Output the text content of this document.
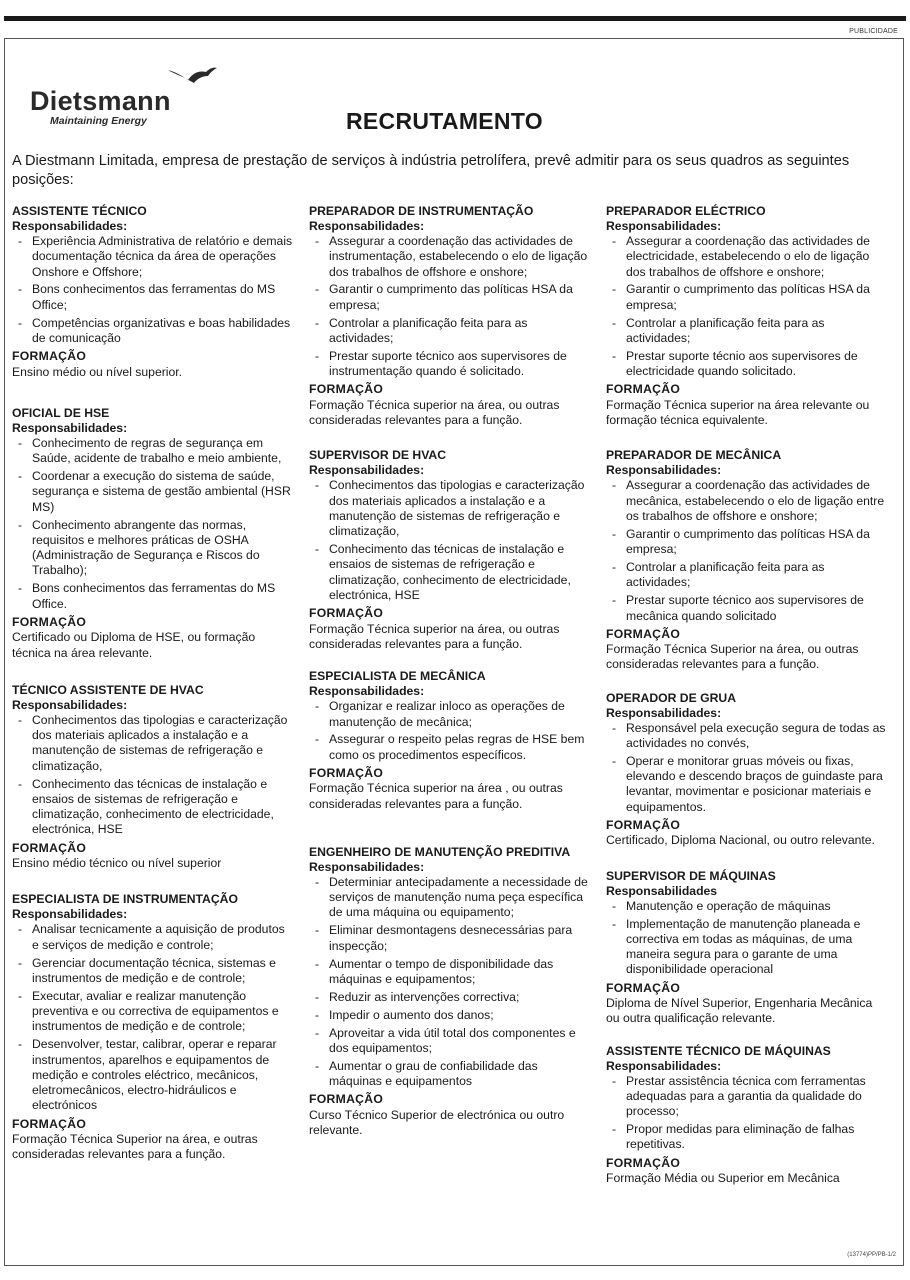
PUBLICIDADE
Dietsmann
Maintaining Energy	RECRUTAMENTO
A Diestmann Limitada, empresa de prestação de serviços à indústria petrolífera, prevê admitir para os seus quadros as seguintes posições:
ASSISTENTE TÉCNICO
Responsabilidades:
- Experiência Administrativa de relatório e demais documentação técnica da área de operações Onshore e Offshore;
- Bons conhecimentos das ferramentas do MS Office;
- Competências organizativas e boas habilidades de comunicação
FORMAÇÃO
Ensino médio ou nível superior.
OFICIAL DE HSE
Responsabilidades:
- Conhecimento de regras de segurança em Saúde, acidente de trabalho e meio ambiente,
- Coordenar a execução do sistema de saúde, segurança e sistema de gestão ambiental (HSR MS)
- Conhecimento abrangente das normas, requisitos e melhores práticas de OSHA (Administração de Segurança e Riscos do Trabalho);
- Bons conhecimentos das ferramentas do MS Office.
FORMAÇÃO
Certificado ou Diploma de HSE, ou formação técnica na área relevante.
TÉCNICO ASSISTENTE DE HVAC
Responsabilidades:
- Conhecimentos das tipologias e caracterização dos materiais aplicados a instalação e a manutenção de sistemas de refrigeração e climatização,
- Conhecimento das técnicas de instalação e ensaios de sistemas de refrigeração e climatização, conhecimento de electricidade, electrónica, HSE
FORMAÇÃO
Ensino médio técnico ou nível superior
ESPECIALISTA DE INSTRUMENTAÇÃO
Responsabilidades:
- Analisar tecnicamente a aquisição de produtos e serviços de medição e controle;
- Gerenciar documentação técnica, sistemas e instrumentos de medição e de controle;
- Executar, avaliar e realizar manutenção preventiva e ou correctiva de equipamentos e instrumentos de medição e de controle;
- Desenvolver, testar, calibrar, operar e reparar instrumentos, aparelhos e equipamentos de medição e controles eléctrico, mecânicos, eletromecânicos, electro-hidráulicos e electrónicos
FORMAÇÃO
Formação Técnica Superior na área, e outras consideradas relevantes para a função.
PREPARADOR DE INSTRUMENTAÇÃO
Responsabilidades:
- Assegurar a coordenação das actividades de instrumentação, estabelecendo o elo de ligação dos trabalhos de offshore e onshore;
- Garantir o cumprimento das políticas HSA da empresa;
- Controlar a planificação feita para as actividades;
- Prestar suporte técnico aos supervisores de instrumentação quando é solicitado.
FORMAÇÃO
Formação Técnica superior na área, ou outras consideradas relevantes para a função.
SUPERVISOR DE HVAC
Responsabilidades:
- Conhecimentos das tipologias e caracterização dos materiais aplicados a instalação e a manutenção de sistemas de refrigeração e climatização,
- Conhecimento das técnicas de instalação e ensaios de sistemas de refrigeração e climatização, conhecimento de electricidade, electrónica, HSE
FORMAÇÃO
Formação Técnica superior na área, ou outras consideradas relevantes para a função.
ESPECIALISTA DE MECÂNICA
Responsabilidades:
- Organizar e realizar inloco as operações de manutenção de mecânica;
- Assegurar o respeito pelas regras de HSE bem como os procedimentos específicos.
FORMAÇÃO
Formação Técnica superior na área , ou outras consideradas relevantes para a função.
ENGENHEIRO DE MANUTENÇÃO PREDITIVA
Responsabilidades:
- Determiniar antecipadamente a necessidade de serviços de manutenção numa peça específica de uma máquina ou equipamento;
- Eliminar desmontagens desnecessárias para inspecção;
- Aumentar o tempo de disponibilidade das máquinas e equipamentos;
- Reduzir as intervenções correctiva;
- Impedir o aumento dos danos;
- Aproveitar a vida útil total dos componentes e dos equipamentos;
- Aumentar o grau de confiabilidade das máquinas e equipamentos
FORMAÇÃO
Curso Técnico Superior de electrónica ou outro relevante.
PREPARADOR ELÉCTRICO
Responsabilidades:
- Assegurar a coordenação das actividades de electricidade, estabelecendo o elo de ligação dos trabalhos de offshore e onshore;
- Garantir o cumprimento das políticas HSA da empresa;
- Controlar a planificação feita para as actividades;
- Prestar suporte técnio aos supervisores de electricidade quando solicitado.
FORMAÇÃO
Formação Técnica superior na área relevante ou formação técnica equivalente.
PREPARADOR DE MECÂNICA
Responsabilidades:
- Assegurar a coordenação das actividades de mecânica, estabelecendo o elo de ligação entre os trabalhos de offshore e onshore;
- Garantir o cumprimento das políticas HSA da empresa;
- Controlar a planificação feita para as actividades;
- Prestar suporte técnico aos supervisores de mecânica quando solicitado
FORMAÇÃO
Formação Técnica Superior na área, ou outras consideradas relevantes para a função.
OPERADOR DE GRUA
Responsabilidades:
- Responsável pela execução segura de todas as actividades no convés,
- Operar e monitorar gruas móveis ou fixas, elevando e descendo braços de guindaste para levantar, movimentar e posicionar materiais e equipamentos.
FORMAÇÃO
Certificado, Diploma Nacional, ou outro relevante.
SUPERVISOR DE MÁQUINAS
Responsabilidades
- Manutenção e operação de máquinas
- Implementação de manutenção planeada e correctiva em todas as máquinas, de uma maneira segura para o garante de uma disponibilidade operacional
FORMAÇÃO
Diploma de Nível Superior, Engenharia Mecânica ou outra qualificação relevante.
ASSISTENTE TÉCNICO DE MÁQUINAS
Responsabilidades:
- Prestar assistência técnica com ferramentas adequadas para a garantia da qualidade do processo;
- Propor medidas para eliminação de falhas repetitivas.
FORMAÇÃO
Formação Média ou Superior em Mecânica
(13774)PP/PB-1/2
